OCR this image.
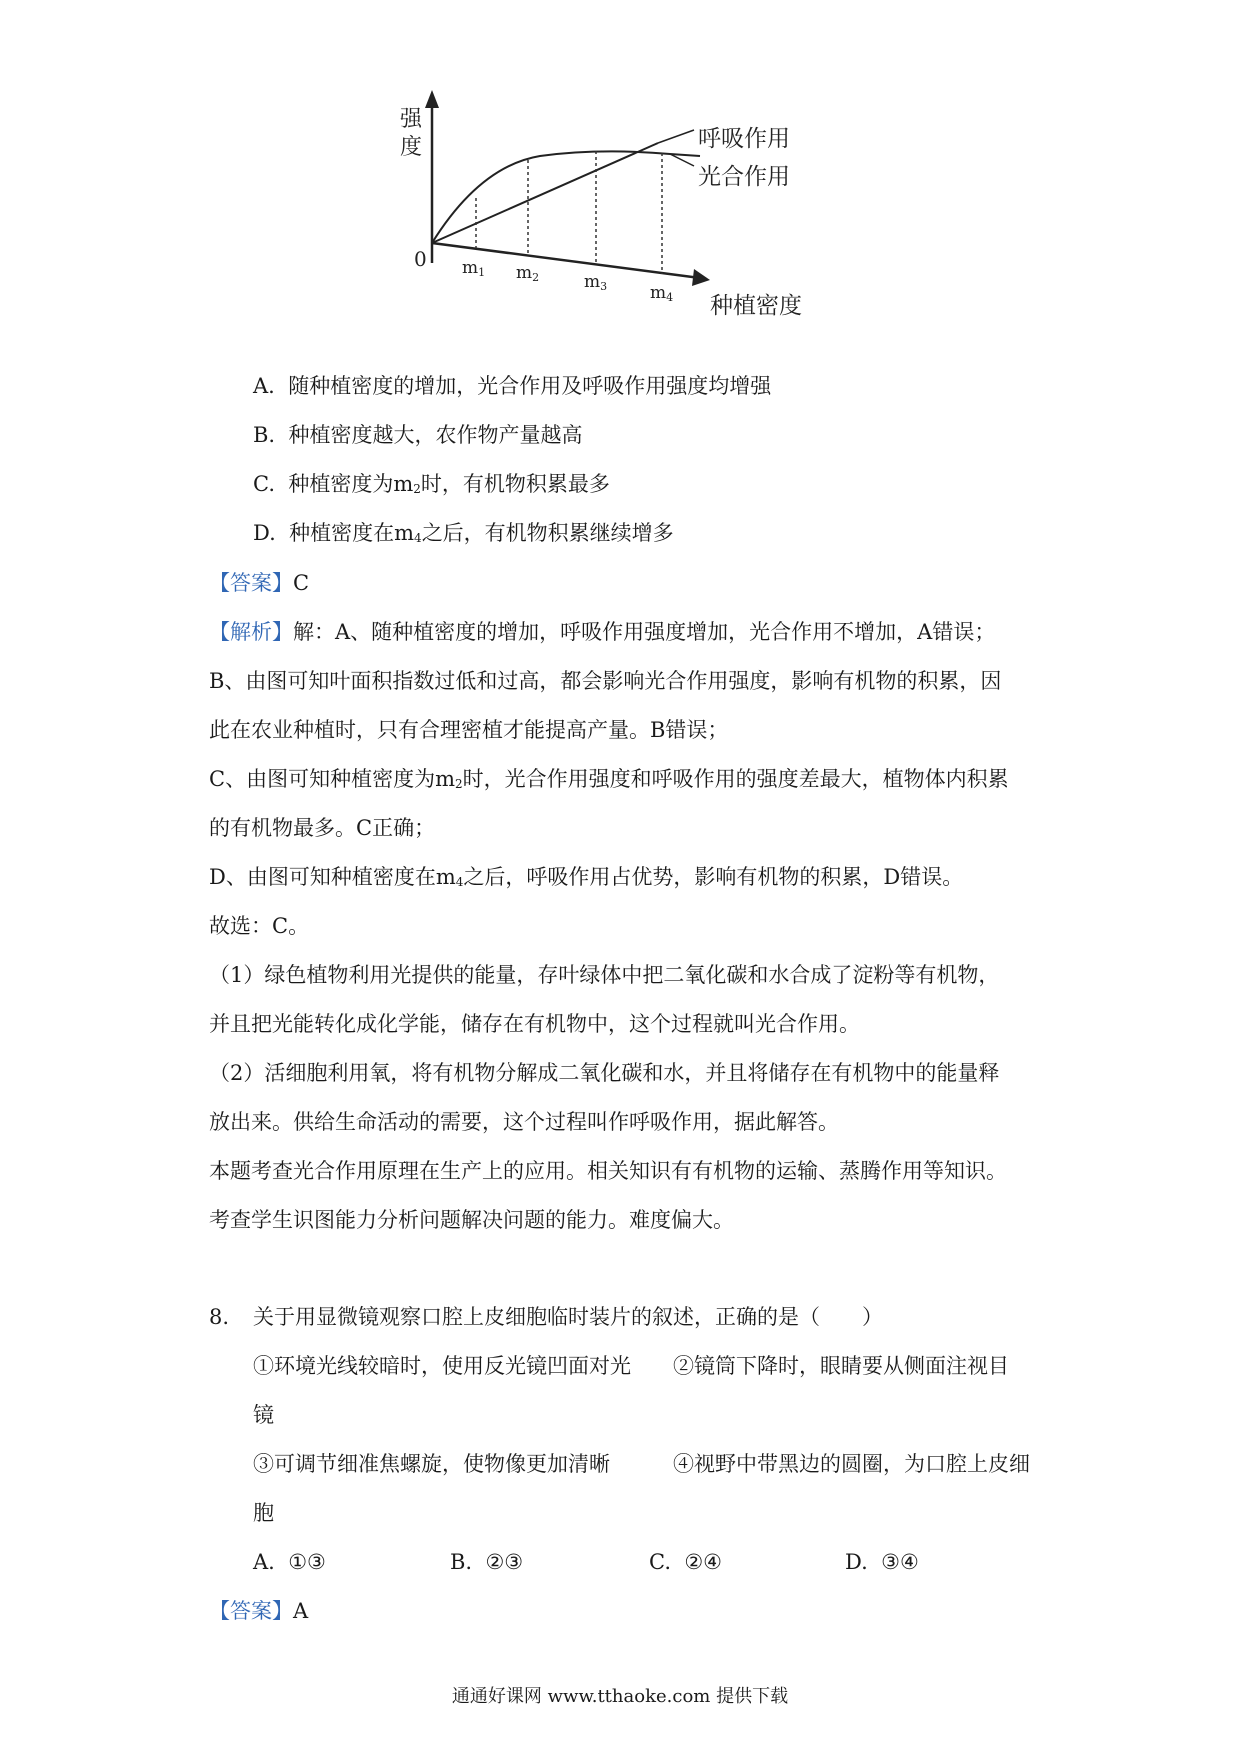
强
度
0 m1 m2	m3	m4 种植密度
呼吸作用
光合作用
A. 随种植密度的增加，光合作用及呼吸作用强度均增强
B. 种植密度越大，农作物产量越高
C. 种植密度为$m_2$时，有机物积累最多
D. 种植密度在$m_4$之后，有机物积累继续增多
【答案】C
【解析】解：A、随种植密度的增加，呼吸作用强度增加，光合作用不增加，A错误；
B、由图可知叶面积指数过低和过高，都会影响光合作用强度，影响有机物的积累，因
此在农业种植时，只有合理密植才能提高产量。B错误；
C、由图可知种植密度为$m_2$时，光合作用强度和呼吸作用的强度差最大，植物体内积累
的有机物最多。C正确；
D、由图可知种植密度在$m_4$之后，呼吸作用占优势，影响有机物的积累，D错误。
故选：C。
（1）绿色植物利用光提供的能量，存叶绿体中把二氧化碳和水合成了淀粉等有机物，
并且把光能转化成化学能，储存在有机物中，这个过程就叫光合作用。
（2）活细胞利用氧，将有机物分解成二氧化碳和水，并且将储存在有机物中的能量释
放出来。供给生命活动的需要，这个过程叫作呼吸作用，据此解答。
本题考查光合作用原理在生产上的应用。相关知识有有机物的运输、蒸腾作用等知识。
考查学生识图能力分析问题解决问题的能力。难度偏大。
8. 关于用显微镜观察口腔上皮细胞临时装片的叙述，正确的是（　　）
①环境光线较暗时，使用反光镜凹面对光　　②镜筒下降时，眼睛要从侧面注视目
镜
③可调节细准焦螺旋，使物像更加清晰　　　④视野中带黑边的圆圈，为口腔上皮细
胞
A. ①③	B. ②③	C. ②④	D. ③④
【答案】A
通通好课网 www.tthaoke.com 提供下载
